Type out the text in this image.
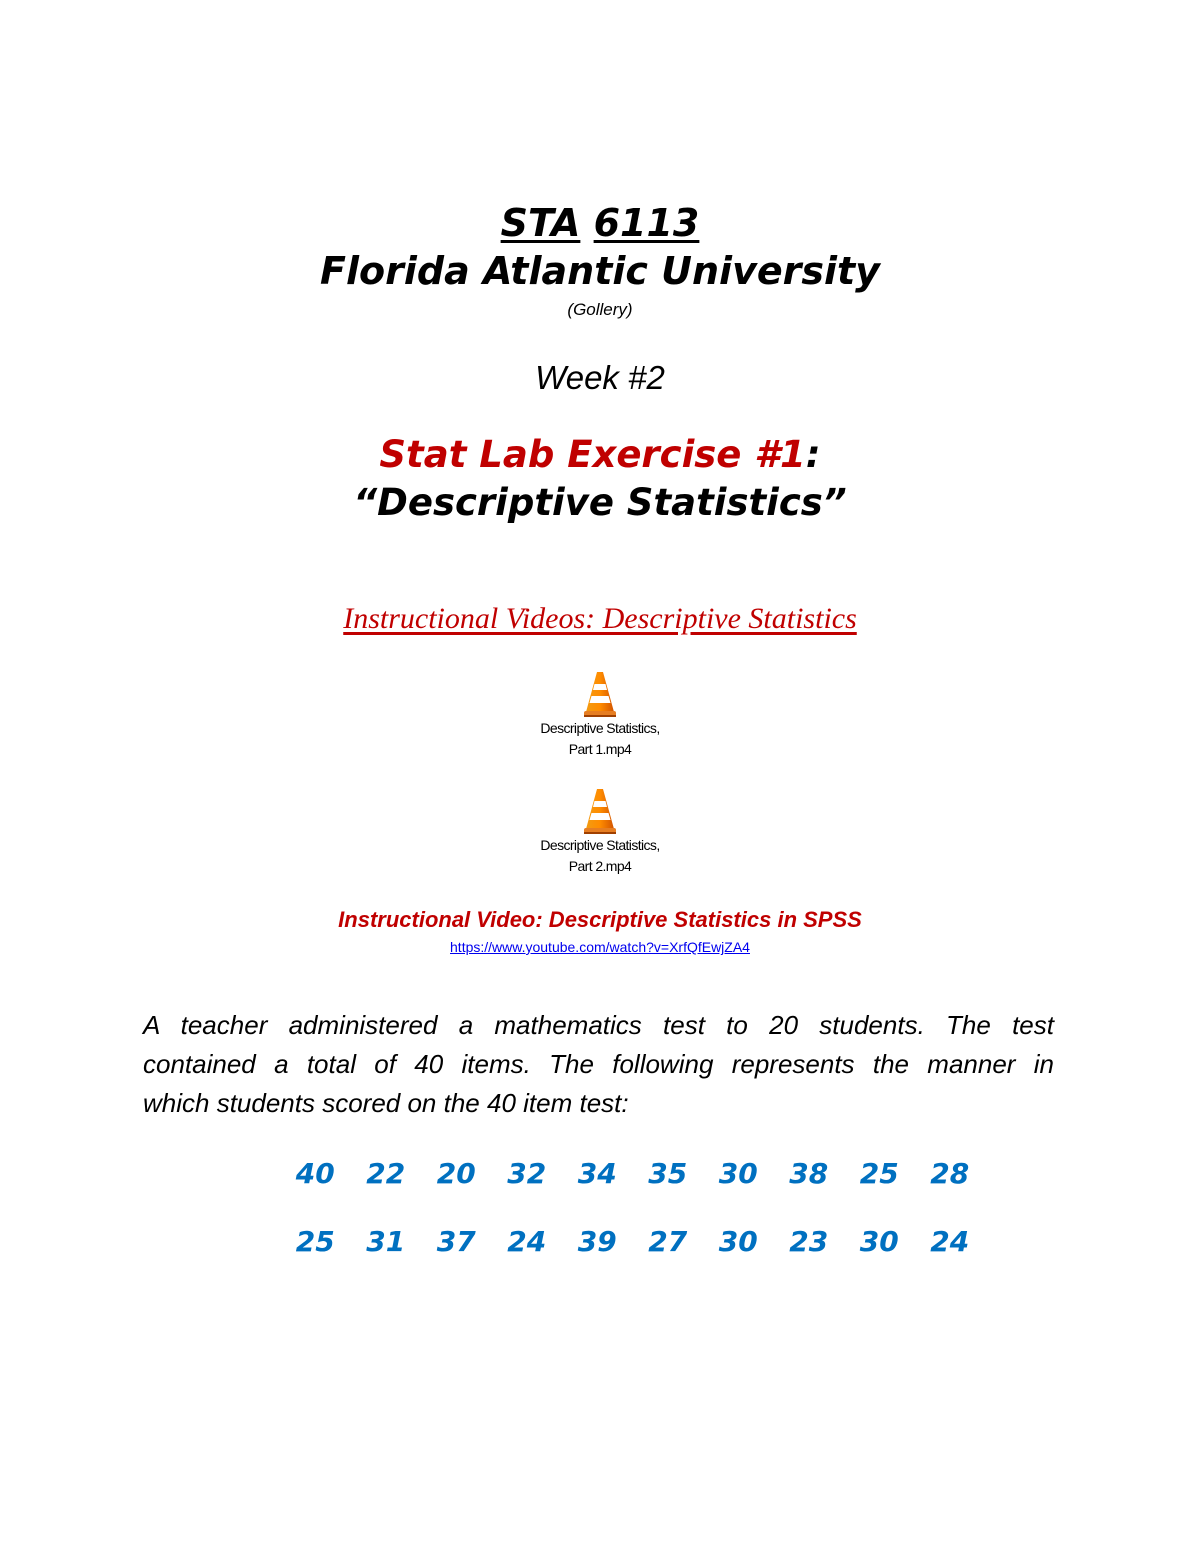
STA 6113
Florida Atlantic University
(Gollery)
Week #2
Stat Lab Exercise #1:
“Descriptive Statistics”
Instructional Videos: Descriptive Statistics
Descriptive Statistics,
Part 1.mp4
Descriptive Statistics,
Part 2.mp4
Instructional Video: Descriptive Statistics in SPSS
https://www.youtube.com/watch?v=XrfQfEwjZA4
A teacher administered a mathematics test to 20 students. The test
contained a total of 40 items. The following represents the manner in
which students scored on the 40 item test:
40	22	20	32	34	35	30	38	25	28
25	31	37	24	39	27	30	23	30	24
